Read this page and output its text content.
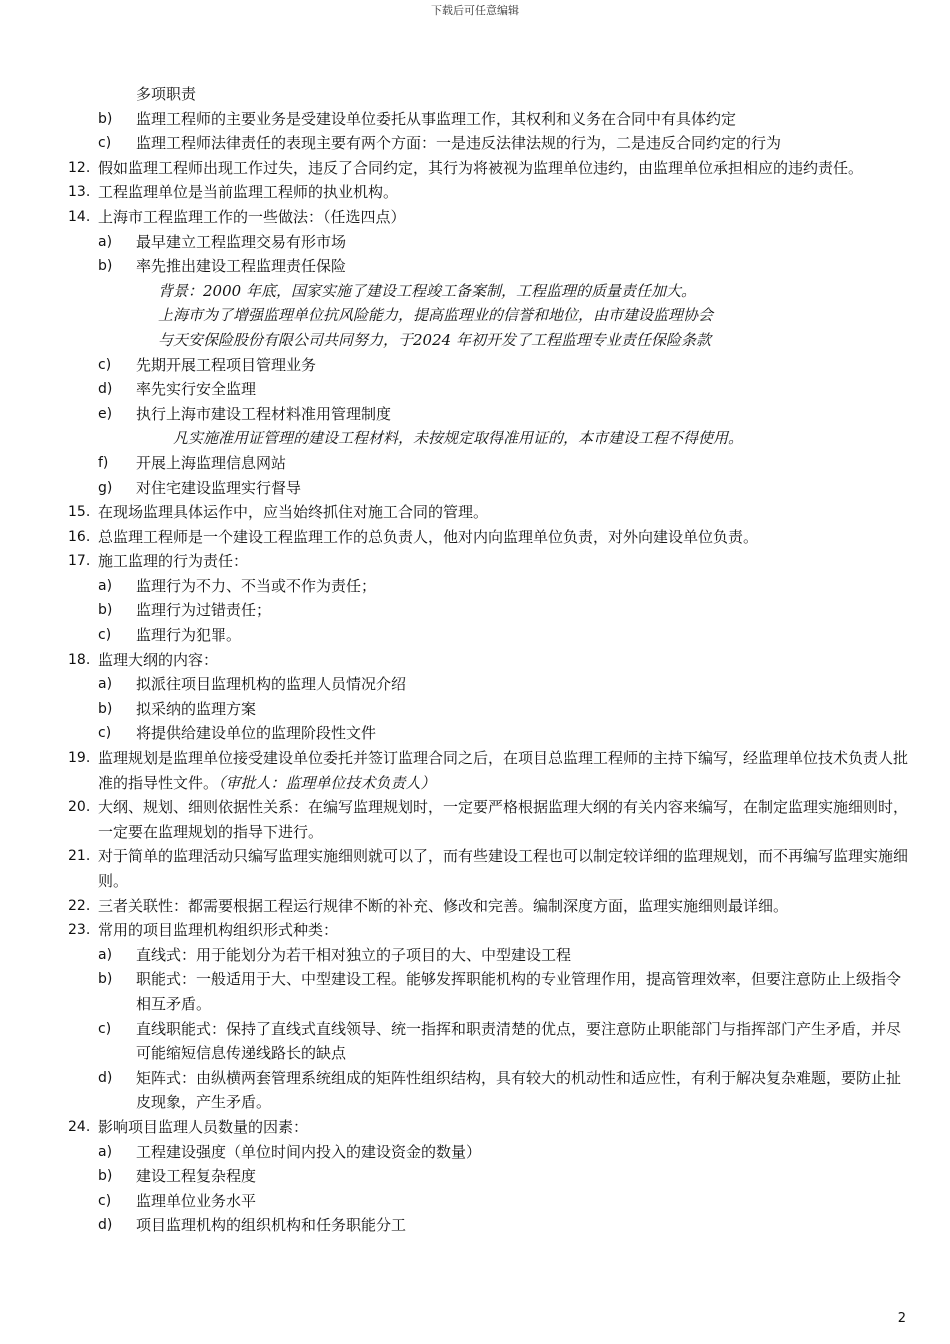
下载后可任意编辑
多项职责
b)	监理工程师的主要业务是受建设单位委托从事监理工作，其权利和义务在合同中有具体约定
c)	监理工程师法律责任的表现主要有两个方面：一是违反法律法规的行为，二是违反合同约定的行为
12. 假如监理工程师出现工作过失，违反了合同约定，其行为将被视为监理单位违约，由监理单位承担相应的违约责任。
13. 工程监理单位是当前监理工程师的执业机构。
14. 上海市工程监理工作的一些做法：（任选四点）
a)	最早建立工程监理交易有形市场
b)	率先推出建设工程监理责任保险
背景：2000 年底，国家实施了建设工程竣工备案制，工程监理的质量责任加大。
上海市为了增强监理单位抗风险能力，提高监理业的信誉和地位，由市建设监理协会
与天安保险股份有限公司共同努力，于2024 年初开发了工程监理专业责任保险条款
c)	先期开展工程项目管理业务
d)	率先实行安全监理
e)	执行上海市建设工程材料准用管理制度
凡实施准用证管理的建设工程材料，未按规定取得准用证的，本市建设工程不得使用。
f)	开展上海监理信息网站
g)	对住宅建设监理实行督导
15. 在现场监理具体运作中，应当始终抓住对施工合同的管理。
16. 总监理工程师是一个建设工程监理工作的总负责人，他对内向监理单位负责，对外向建设单位负责。
17. 施工监理的行为责任：
a)	监理行为不力、不当或不作为责任；
b)	监理行为过错责任；
c)	监理行为犯罪。
18. 监理大纲的内容：
a)	拟派往项目监理机构的监理人员情况介绍
b)	拟采纳的监理方案
c)	将提供给建设单位的监理阶段性文件
19. 监理规划是监理单位接受建设单位委托并签订监理合同之后，在项目总监理工程师的主持下编写，经监理单位技术负责人批准的指导性文件。（审批人：监理单位技术负责人）
20. 大纲、规划、细则依据性关系：在编写监理规划时，一定要严格根据监理大纲的有关内容来编写，在制定监理实施细则时，一定要在监理规划的指导下进行。
21. 对于简单的监理活动只编写监理实施细则就可以了，而有些建设工程也可以制定较详细的监理规划，而不再编写监理实施细则。
22. 三者关联性：都需要根据工程运行规律不断的补充、修改和完善。编制深度方面，监理实施细则最详细。
23. 常用的项目监理机构组织形式种类：
a)	直线式：用于能划分为若干相对独立的子项目的大、中型建设工程
b)	职能式：一般适用于大、中型建设工程。能够发挥职能机构的专业管理作用，提高管理效率，但要注意防止上级指令相互矛盾。
c)	直线职能式：保持了直线式直线领导、统一指挥和职责清楚的优点，要注意防止职能部门与指挥部门产生矛盾，并尽可能缩短信息传递线路长的缺点
d)	矩阵式：由纵横两套管理系统组成的矩阵性组织结构，具有较大的机动性和适应性，有利于解决复杂难题，要防止扯皮现象，产生矛盾。
24. 影响项目监理人员数量的因素：
a)	工程建设强度（单位时间内投入的建设资金的数量）
b)	建设工程复杂程度
c)	监理单位业务水平
d)	项目监理机构的组织机构和任务职能分工
2
